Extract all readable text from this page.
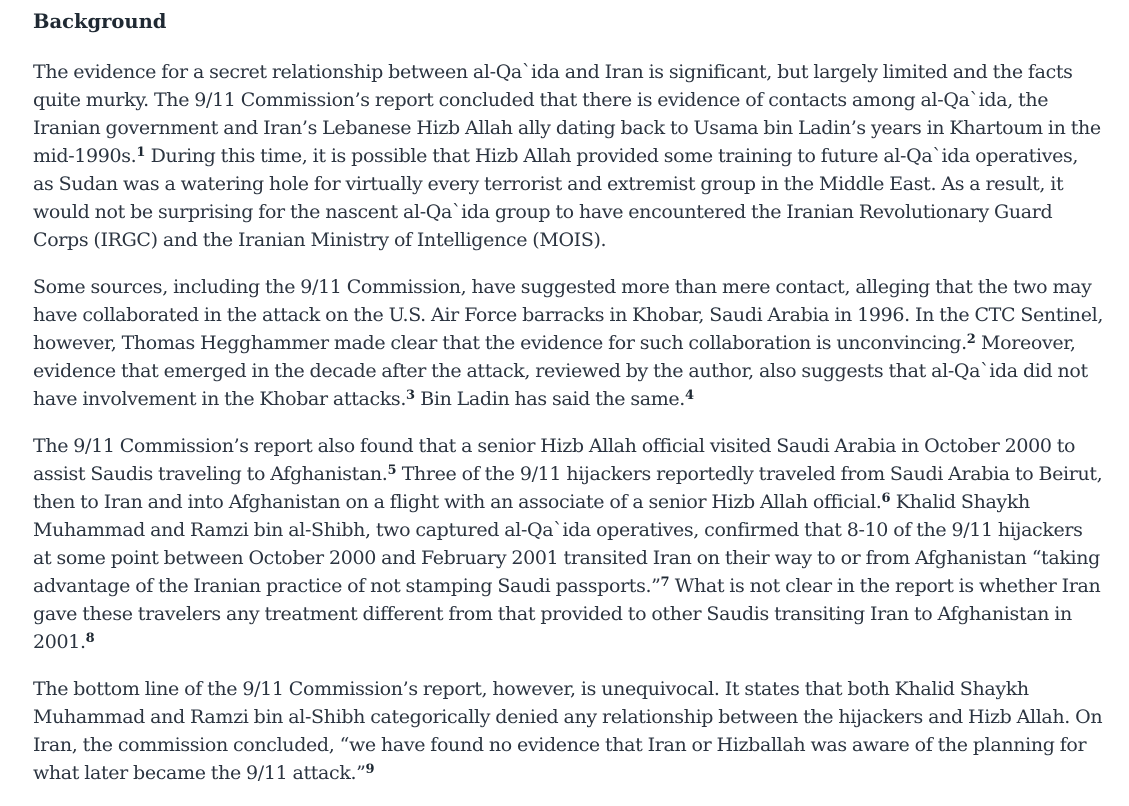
Background

The evidence for a secret relationship between al-Qa`ida and Iran is significant, but largely limited and the facts quite murky. The 9/11 Commission’s report concluded that there is evidence of contacts among al-Qa`ida, the Iranian government and Iran’s Lebanese Hizb Allah ally dating back to Usama bin Ladin’s years in Khartoum in the mid-1990s.$^1$ During this time, it is possible that Hizb Allah provided some training to future al-Qa`ida operatives, as Sudan was a watering hole for virtually every terrorist and extremist group in the Middle East. As a result, it would not be surprising for the nascent al-Qa`ida group to have encountered the Iranian Revolutionary Guard Corps (IRGC) and the Iranian Ministry of Intelligence (MOIS).

Some sources, including the 9/11 Commission, have suggested more than mere contact, alleging that the two may have collaborated in the attack on the U.S. Air Force barracks in Khobar, Saudi Arabia in 1996. In the CTC Sentinel, however, Thomas Hegghammer made clear that the evidence for such collaboration is unconvincing.$^2$ Moreover, evidence that emerged in the decade after the attack, reviewed by the author, also suggests that al-Qa`ida did not have involvement in the Khobar attacks.$^3$ Bin Ladin has said the same.$^4$

The 9/11 Commission’s report also found that a senior Hizb Allah official visited Saudi Arabia in October 2000 to assist Saudis traveling to Afghanistan.$^5$ Three of the 9/11 hijackers reportedly traveled from Saudi Arabia to Beirut, then to Iran and into Afghanistan on a flight with an associate of a senior Hizb Allah official.$^6$ Khalid Shaykh Muhammad and Ramzi bin al-Shibh, two captured al-Qa`ida operatives, confirmed that 8-10 of the 9/11 hijackers at some point between October 2000 and February 2001 transited Iran on their way to or from Afghanistan “taking advantage of the Iranian practice of not stamping Saudi passports.”$^7$ What is not clear in the report is whether Iran gave these travelers any treatment different from that provided to other Saudis transiting Iran to Afghanistan in 2001.$^8$

The bottom line of the 9/11 Commission’s report, however, is unequivocal. It states that both Khalid Shaykh Muhammad and Ramzi bin al-Shibh categorically denied any relationship between the hijackers and Hizb Allah. On Iran, the commission concluded, “we have found no evidence that Iran or Hizballah was aware of the planning for what later became the 9/11 attack.”$^9$
